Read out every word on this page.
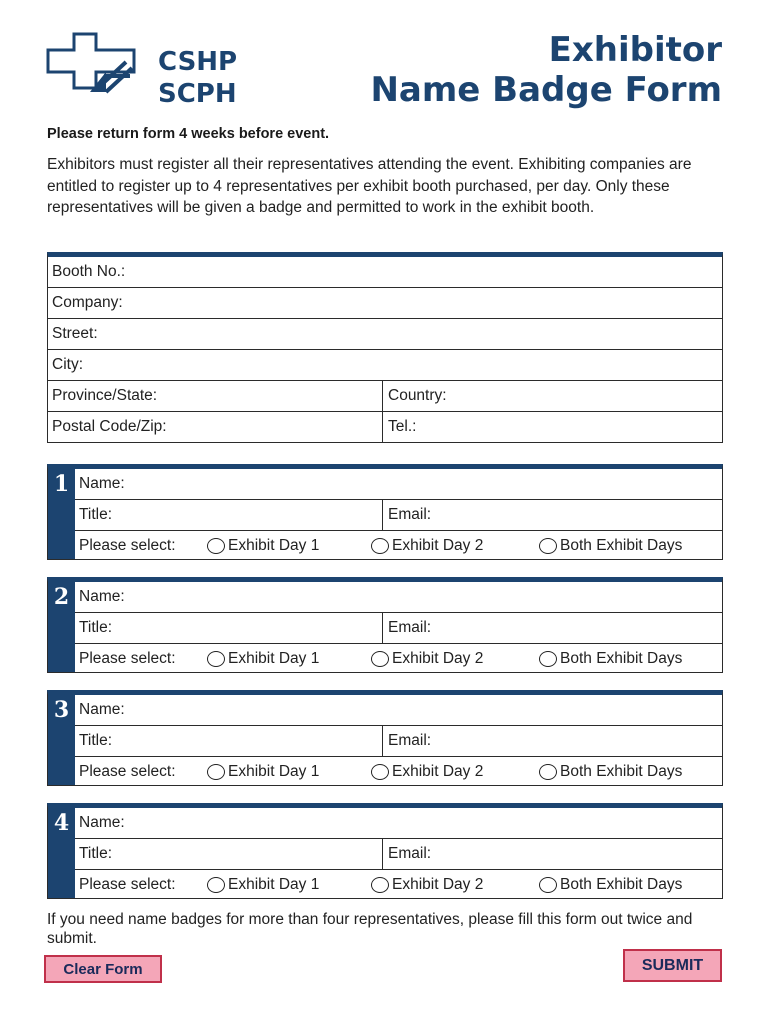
CSHP
SCPH
Exhibitor
Name Badge Form
Please return form 4 weeks before event.
Exhibitors must register all their representatives attending the event. Exhibiting companies are entitled to register up to 4 representatives per exhibit booth purchased, per day. Only these representatives will be given a badge and permitted to work in the exhibit booth.
Booth No.:
Company:
Street:
City:
Province/State:	Country:
Postal Code/Zip:	Tel.:
1 Name:
Title:	Email:
Please select:	Exhibit Day 1	Exhibit Day 2	Both Exhibit Days
2 Name:
Title:	Email:
Please select:	Exhibit Day 1	Exhibit Day 2	Both Exhibit Days
3 Name:
Title:	Email:
Please select:	Exhibit Day 1	Exhibit Day 2	Both Exhibit Days
4 Name:
Title:	Email:
Please select:	Exhibit Day 1	Exhibit Day 2	Both Exhibit Days
If you need name badges for more than four representatives, please fill this form out twice and submit.
Clear Form	SUBMIT
